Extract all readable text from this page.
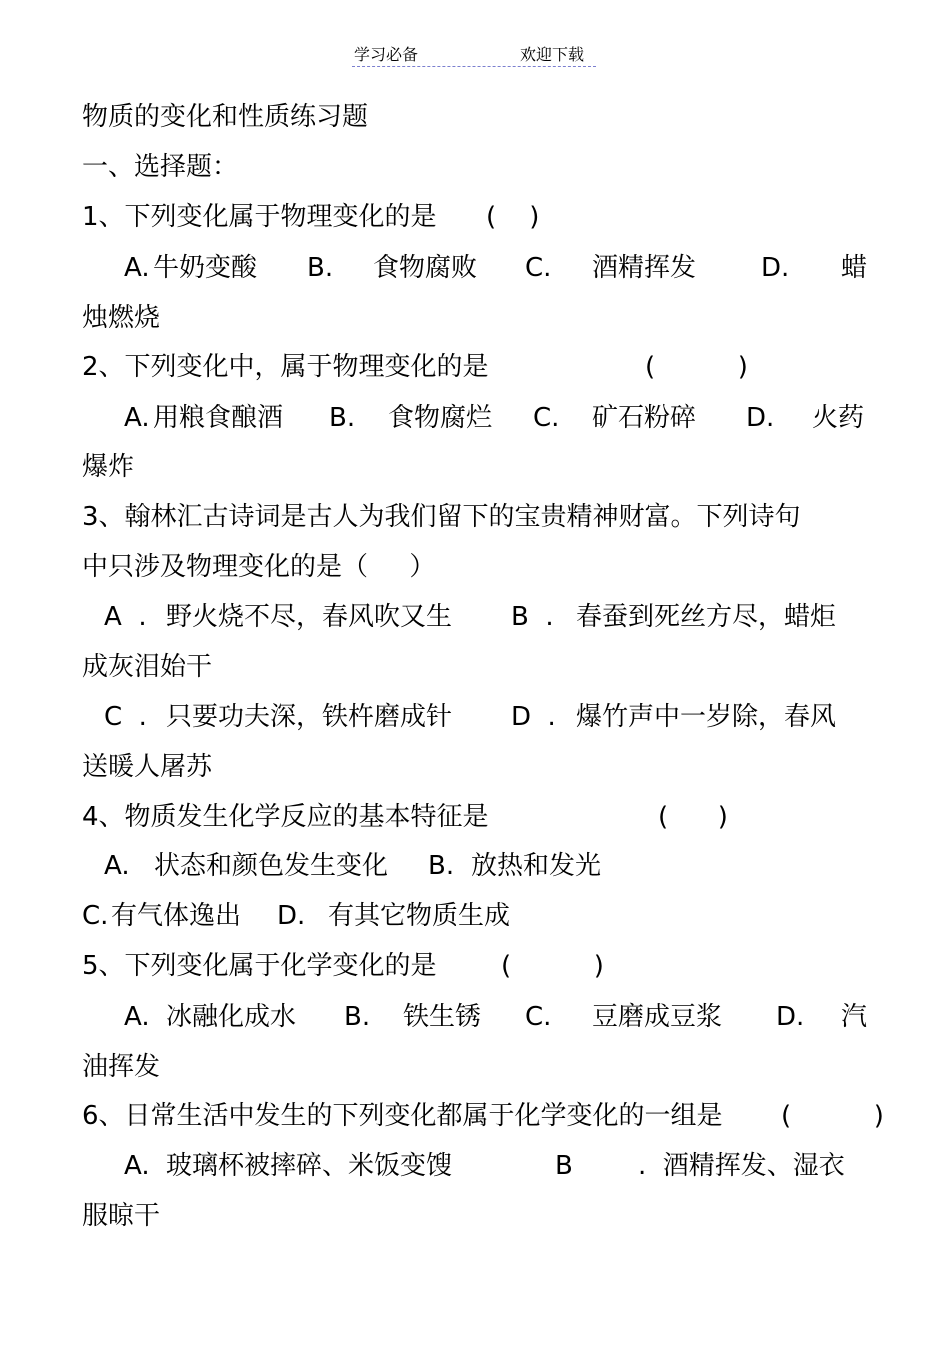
学习必备	欢迎下载
物质的变化和性质练习题
一、选择题：
1、下列变化属于物理变化的是 (    )
A. 牛奶变酸 B. 食物腐败 C. 酒精挥发 D. 蜡
烛燃烧
2、下列变化中，属于物理变化的是	(          )
A. 用粮食酿酒 B. 食物腐烂 C. 矿石粉碎 D. 火药
爆炸
3、翰林汇古诗词是古人为我们留下的宝贵精神财富。下列诗句
中只涉及物理变化的是（     ）
A  . 野火烧不尽，春风吹又生 B  . 春蚕到死丝方尽，蜡炬
成灰泪始干
C  . 只要功夫深，铁杵磨成针 D  . 爆竹声中一岁除，春风
送暖人屠苏
4、物质发生化学反应的基本特征是	(      )
A. 状态和颜色发生变化 B. 放热和发光
C. 有气体逸出 D. 有其它物质生成
5、下列变化属于化学变化的是 (          )
A. 冰融化成水 B. 铁生锈 C. 豆磨成豆浆 D. 汽
油挥发
6、日常生活中发生的下列变化都属于化学变化的一组是 (          )
A. 玻璃杯被摔碎、米饭变馊	B	.  酒精挥发、湿衣
服晾干
